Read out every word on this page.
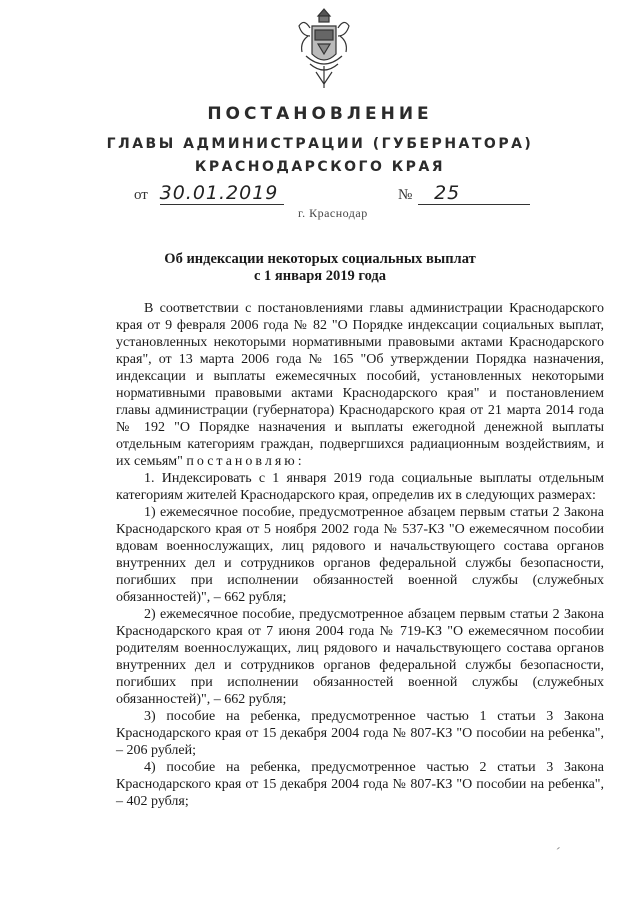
ПОСТАНОВЛЕНИЕ
ГЛАВЫ АДМИНИСТРАЦИИ (ГУБЕРНАТОРА)
КРАСНОДАРСКОГО КРАЯ
от 30.01.2019	№ 25
г. Краснодар
Об индексации некоторых социальных выплат
с 1 января 2019 года

В соответствии с постановлениями главы администрации Краснодарского края от 9 февраля 2006 года № 82 "О Порядке индексации социальных выплат, установленных некоторыми нормативными правовыми актами Краснодарского края", от 13 марта 2006 года № 165 "Об утверждении Порядка назначения, индексации и выплаты ежемесячных пособий, установленных некоторыми нормативными правовыми актами Краснодарского края" и постановлением главы администрации (губернатора) Краснодарского края от 21 марта 2014 года № 192 "О Порядке назначения и выплаты ежегодной денежной выплаты отдельным категориям граждан, подвергшихся радиационным воздействиям, и их семьям" постановляю:

1. Индексировать с 1 января 2019 года социальные выплаты отдельным категориям жителей Краснодарского края, определив их в следующих размерах:

1) ежемесячное пособие, предусмотренное абзацем первым статьи 2 Закона Краснодарского края от 5 ноября 2002 года № 537-КЗ "О ежемесячном пособии вдовам военнослужащих, лиц рядового и начальствующего состава органов внутренних дел и сотрудников органов федеральной службы безопасности, погибших при исполнении обязанностей военной службы (служебных обязанностей)", – 662 рубля;

2) ежемесячное пособие, предусмотренное абзацем первым статьи 2 Закона Краснодарского края от 7 июня 2004 года № 719-КЗ "О ежемесячном пособии родителям военнослужащих, лиц рядового и начальствующего состава органов внутренних дел и сотрудников органов федеральной службы безопасности, погибших при исполнении обязанностей военной службы (служебных обязанностей)", – 662 рубля;

3) пособие на ребенка, предусмотренное частью 1 статьи 3 Закона Краснодарского края от 15 декабря 2004 года № 807-КЗ "О пособии на ребенка", – 206 рублей;

4) пособие на ребенка, предусмотренное частью 2 статьи 3 Закона Краснодарского края от 15 декабря 2004 года № 807-КЗ "О пособии на ребенка", – 402 рубля;

ˊ
